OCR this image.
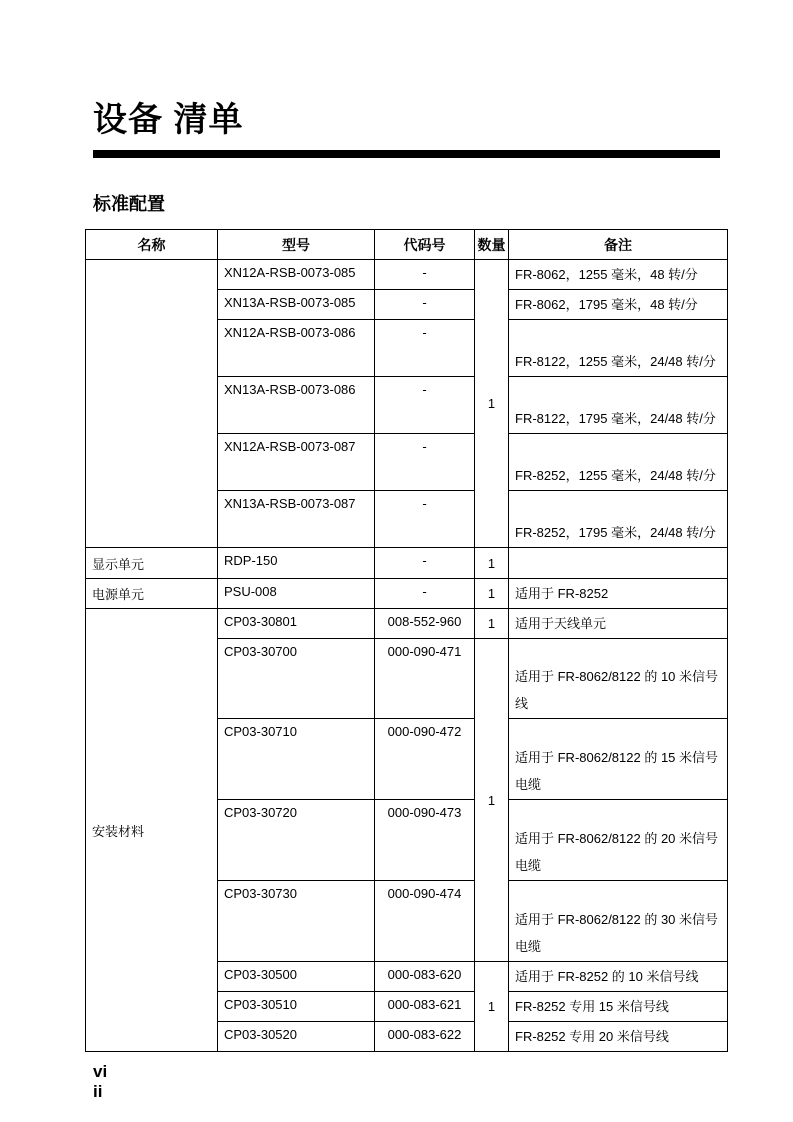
设备 清单
标准配置
名称	型号	代码号	数量	备注
	XN12A-RSB-0073-085	-	1	FR-8062，1255 毫米，48 转/分
	XN13A-RSB-0073-085	-		FR-8062，1795 毫米，48 转/分
	XN12A-RSB-0073-086	-		FR-8122，1255 毫米，24/48 转/分
	XN13A-RSB-0073-086	-		FR-8122，1795 毫米，24/48 转/分
	XN12A-RSB-0073-087	-		FR-8252，1255 毫米，24/48 转/分
	XN13A-RSB-0073-087	-		FR-8252，1795 毫米，24/48 转/分
显示单元	RDP-150	-	1	
电源单元	PSU-008	-	1	适用于 FR-8252
安装材料	CP03-30801	008-552-960	1	适用于天线单元
	CP03-30700	000-090-471	1	适用于 FR-8062/8122 的 10 米信号线
	CP03-30710	000-090-472		适用于 FR-8062/8122 的 15 米信号电缆
	CP03-30720	000-090-473		适用于 FR-8062/8122 的 20 米信号电缆
	CP03-30730	000-090-474		适用于 FR-8062/8122 的 30 米信号电缆
	CP03-30500	000-083-620	1	适用于 FR-8252 的 10 米信号线
	CP03-30510	000-083-621		FR-8252 专用 15 米信号线
	CP03-30520	000-083-622		FR-8252 专用 20 米信号线
vi
ii
